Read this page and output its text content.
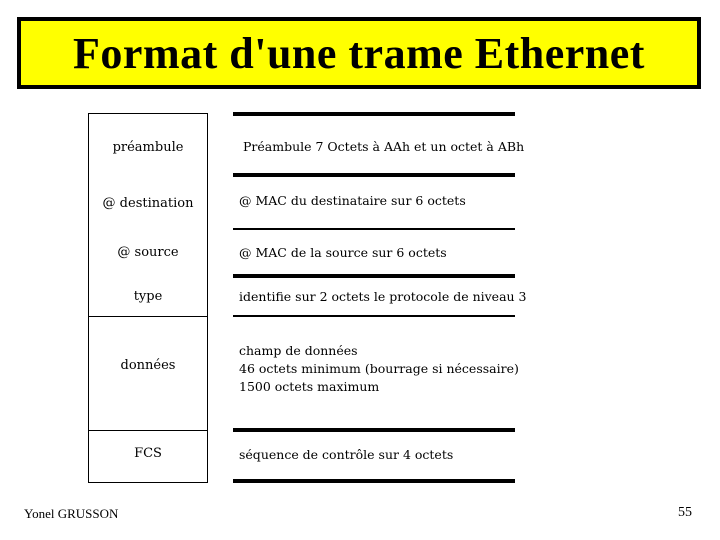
Format d'une trame Ethernet
préambule
@ destination
@ source
type
données
FCS
Préambule 7 Octets à AAh et un octet à ABh
@ MAC du destinataire sur 6 octets
@ MAC de la source sur 6 octets
identifie sur 2 octets le protocole de niveau 3
champ de données
46 octets minimum (bourrage si nécessaire)
1500 octets maximum
séquence de contrôle sur 4 octets
Yonel GRUSSON	55
